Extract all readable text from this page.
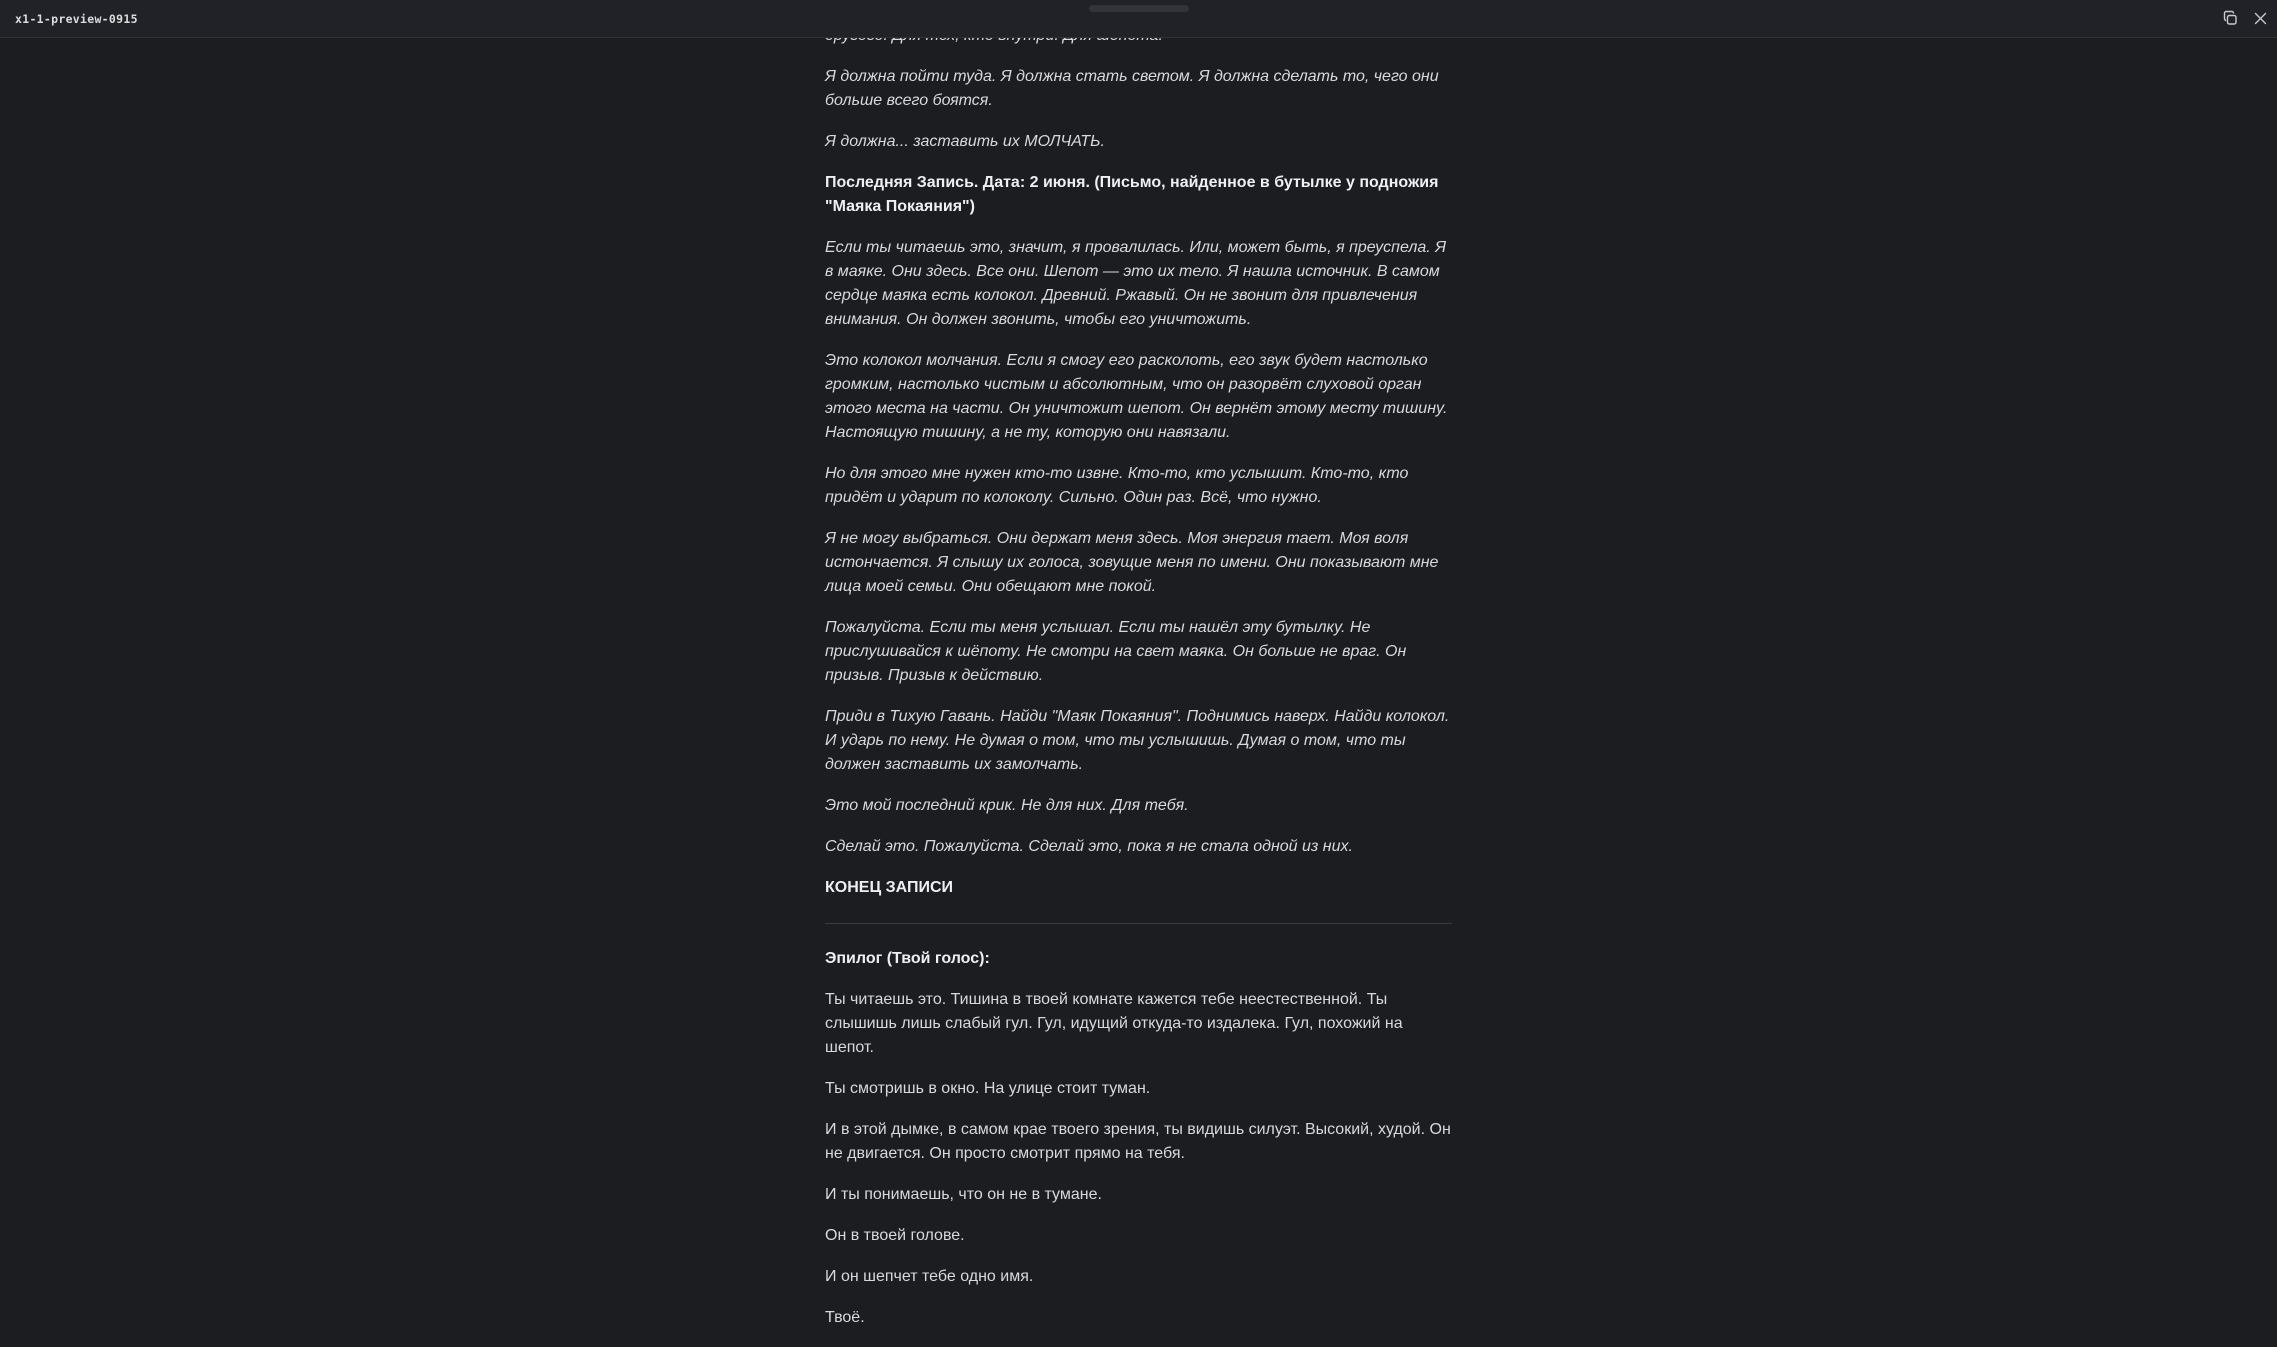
x1-1-preview-0915

Я должна пойти туда. Я должна стать светом. Я должна сделать то, чего они больше всего боятся.

Я должна... заставить их МОЛЧАТЬ.

Последняя Запись. Дата: 2 июня. (Письмо, найденное в бутылке у подножия "Маяка Покаяния")

Если ты читаешь это, значит, я провалилась. Или, может быть, я преуспела. Я в маяке. Они здесь. Все они. Шепот — это их тело. Я нашла источник. В самом сердце маяка есть колокол. Древний. Ржавый. Он не звонит для привлечения внимания. Он должен звонить, чтобы его уничтожить.

Это колокол молчания. Если я смогу его расколоть, его звук будет настолько громким, настолько чистым и абсолютным, что он разорвёт слуховой орган этого места на части. Он уничтожит шепот. Он вернёт этому месту тишину. Настоящую тишину, а не ту, которую они навязали.

Но для этого мне нужен кто-то извне. Кто-то, кто услышит. Кто-то, кто придёт и ударит по колоколу. Сильно. Один раз. Всё, что нужно.

Я не могу выбраться. Они держат меня здесь. Моя энергия тает. Моя воля истончается. Я слышу их голоса, зовущие меня по имени. Они показывают мне лица моей семьи. Они обещают мне покой.

Пожалуйста. Если ты меня услышал. Если ты нашёл эту бутылку. Не прислушивайся к шёпоту. Не смотри на свет маяка. Он больше не враг. Он призыв. Призыв к действию.

Приди в Тихую Гавань. Найди "Маяк Покаяния". Поднимись наверх. Найди колокол. И ударь по нему. Не думая о том, что ты услышишь. Думая о том, что ты должен заставить их замолчать.

Это мой последний крик. Не для них. Для тебя.

Сделай это. Пожалуйста. Сделай это, пока я не стала одной из них.

КОНЕЦ ЗАПИСИ

Эпилог (Твой голос):

Ты читаешь это. Тишина в твоей комнате кажется тебе неестественной. Ты слышишь лишь слабый гул. Гул, идущий откуда-то издалека. Гул, похожий на шепот.

Ты смотришь в окно. На улице стоит туман.

И в этой дымке, в самом крае твоего зрения, ты видишь силуэт. Высокий, худой. Он не двигается. Он просто смотрит прямо на тебя.

И ты понимаешь, что он не в тумане.

Он в твоей голове.

И он шепчет тебе одно имя.

Твоё.
